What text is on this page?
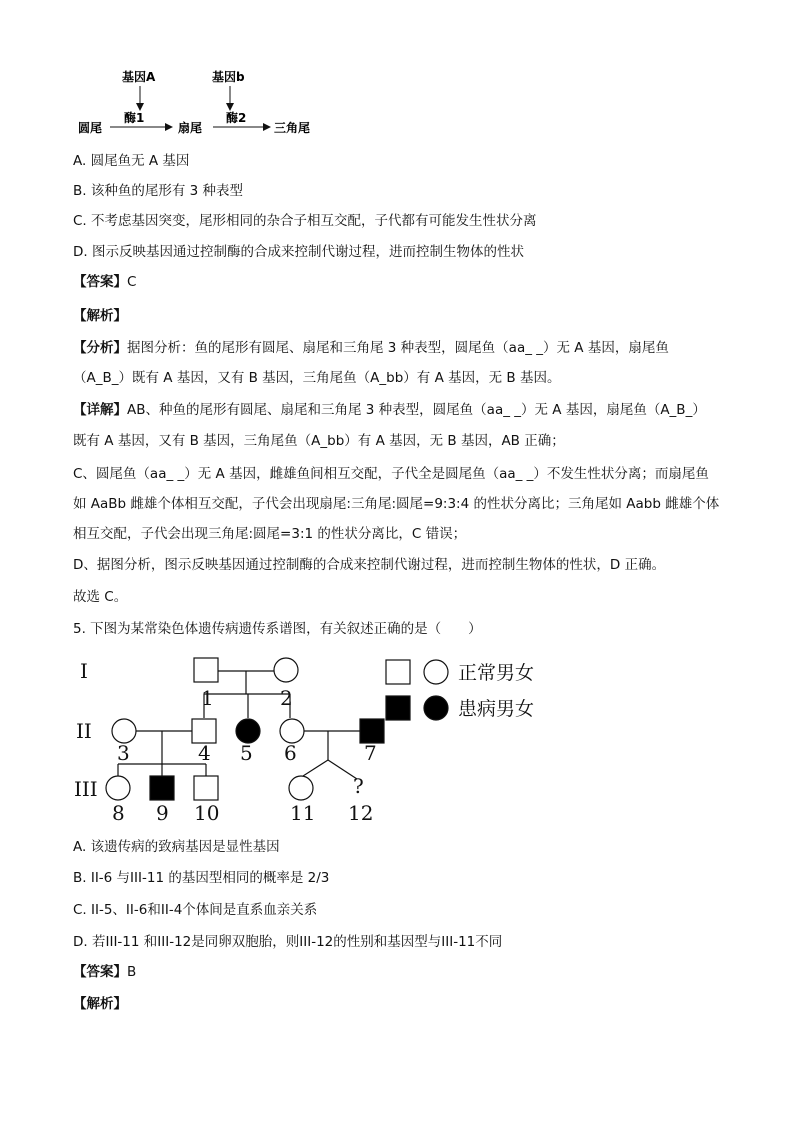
基因A	基因b
圆尾
酶1
扇尾
酶2
三角尾
A. 圆尾鱼无 A 基因
B. 该种鱼的尾形有 3 种表型
C. 不考虑基因突变，尾形相同的杂合子相互交配，子代都有可能发生性状分离
D. 图示反映基因通过控制酶的合成来控制代谢过程，进而控制生物体的性状
【答案】C
【解析】
【分析】据图分析：鱼的尾形有圆尾、扇尾和三角尾 3 种表型，圆尾鱼（aa_ _）无 A 基因，扇尾鱼
（A_B_）既有 A 基因，又有 B 基因，三角尾鱼（A_bb）有 A 基因，无 B 基因。
【详解】AB、种鱼的尾形有圆尾、扇尾和三角尾 3 种表型，圆尾鱼（aa_ _）无 A 基因，扇尾鱼（A_B_）
既有 A 基因，又有 B 基因，三角尾鱼（A_bb）有 A 基因，无 B 基因，AB 正确；
C、圆尾鱼（aa_ _）无 A 基因，雌雄鱼间相互交配，子代全是圆尾鱼（aa_ _）不发生性状分离；而扇尾鱼
如 AaBb 雌雄个体相互交配，子代会出现扇尾:三角尾:圆尾=9:3:4 的性状分离比；三角尾如 Aabb 雌雄个体
相互交配，子代会出现三角尾:圆尾=3:1 的性状分离比，C 错误；
D、据图分析，图示反映基因通过控制酶的合成来控制代谢过程，进而控制生物体的性状，D 正确。
故选 C。
5. 下图为某常染色体遗传病遗传系谱图，有关叙述正确的是（　　）
I
II
III
1	2
3	4 5 6	7
8 9 10	11
?
12
正常男女
患病男女
A. 该遗传病的致病基因是显性基因
B. II-6 与III-11 的基因型相同的概率是 2/3
C. II-5、II-6和II-4个体间是直系血亲关系
D. 若III-11 和III-12是同卵双胞胎，则III-12的性别和基因型与III-11不同
【答案】B
【解析】
